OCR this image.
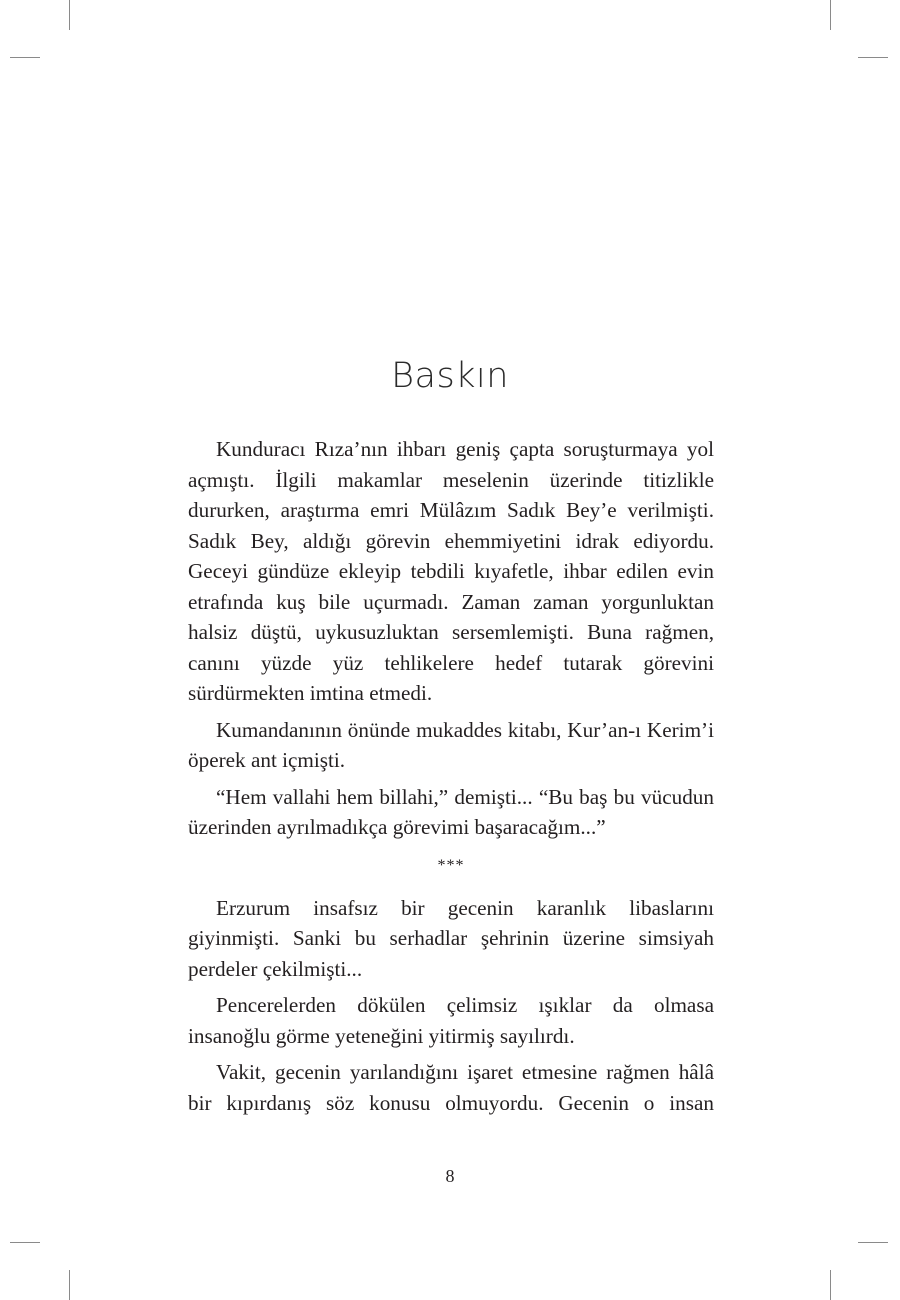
Baskın

Kunduracı Rıza’nın ihbarı geniş çapta soruşturmaya yol açmıştı. İlgili makamlar meselenin üzerinde titizlikle dururken, araştırma emri Mülâzım Sadık Bey’e verilmişti. Sadık Bey, aldığı görevin ehemmiyetini idrak ediyordu. Geceyi gündüze ekleyip tebdili kıyafetle, ihbar edilen evin etrafında kuş bile uçurmadı. Zaman zaman yorgunluktan halsiz düştü, uykusuzluktan sersemlemişti. Buna rağmen, canını yüzde yüz tehlikelere hedef tutarak görevini sürdürmekten imtina etmedi.

Kumandanının önünde mukaddes kitabı, Kur’an-ı Kerim’i öperek ant içmişti.

“Hem vallahi hem billahi,” demişti... “Bu baş bu vücudun üzerinden ayrılmadıkça görevimi başaracağım...”

***

Erzurum insafsız bir gecenin karanlık libaslarını giyinmişti. Sanki bu serhadlar şehrinin üzerine simsiyah perdeler çekilmişti...

Pencerelerden dökülen çelimsiz ışıklar da olmasa insanoğlu görme yeteneğini yitirmiş sayılırdı.

Vakit, gecenin yarılandığını işaret etmesine rağmen hâlâ bir kıpırdanış söz konusu olmuyordu. Gecenin o insan

8
